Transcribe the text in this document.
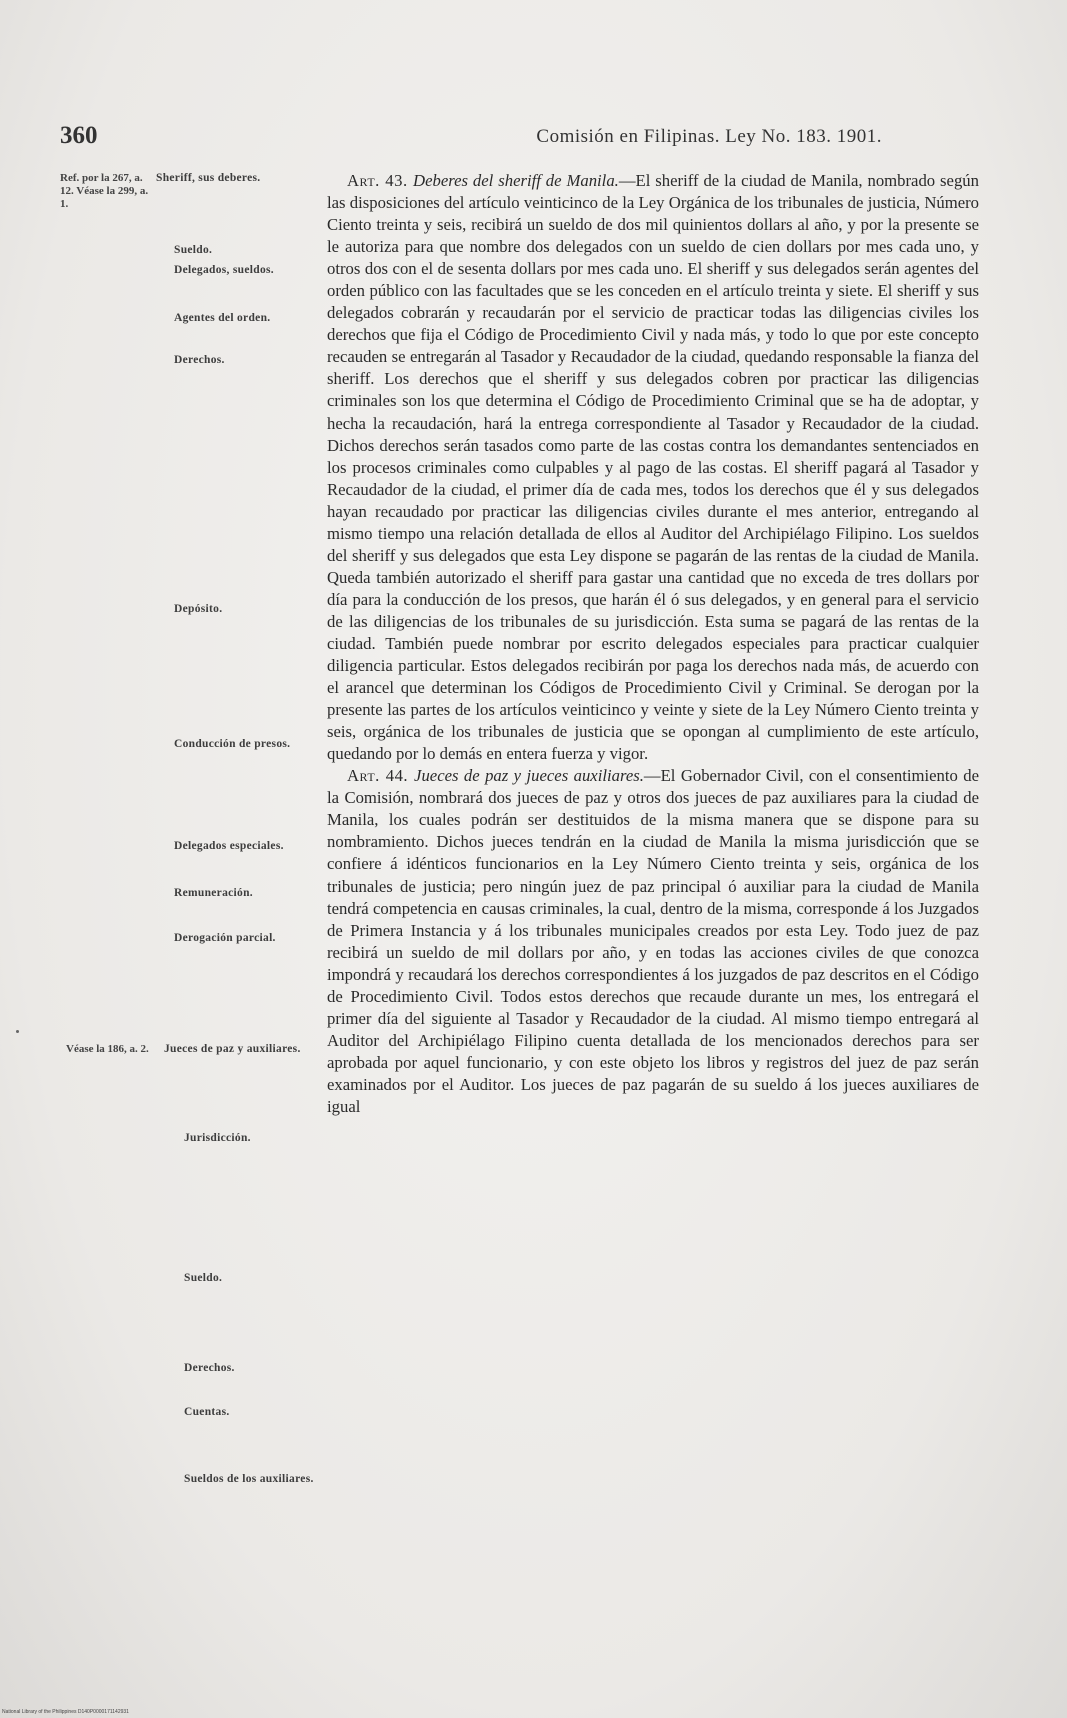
360	Comisión en Filipinas. Ley No. 183. 1901.
Ref. por la 267, a. 12. Véase la 299, a. 1.
Véase la 186, a. 2.
Sheriff, sus deberes.
Sueldo.
Delegados, sueldos.
Agentes del orden.
Derechos.
Depósito.
Conducción de presos.
Delegados especiales.
Remuneración.
Derogación parcial.
Jueces de paz y auxiliares.
Jurisdicción.
Sueldo.
Derechos.
Cuentas.
Sueldos de los auxiliares.

Art. 43. Deberes del sheriff de Manila.—El sheriff de la ciudad de Manila, nombrado según las disposiciones del artículo veinticinco de la Ley Orgánica de los tribunales de justicia, Número Ciento treinta y seis, recibirá un sueldo de dos mil quinientos dollars al año, y por la presente se le autoriza para que nombre dos delegados con un sueldo de cien dollars por mes cada uno, y otros dos con el de sesenta dollars por mes cada uno. El sheriff y sus delegados serán agentes del orden público con las facultades que se les conceden en el artículo treinta y siete. El sheriff y sus delegados cobrarán y recaudarán por el servicio de practicar todas las diligencias civiles los derechos que fija el Código de Procedimiento Civil y nada más, y todo lo que por este concepto recauden se entregarán al Tasador y Recaudador de la ciudad, quedando responsable la fianza del sheriff. Los derechos que el sheriff y sus delegados cobren por practicar las diligencias criminales son los que determina el Código de Procedimiento Criminal que se ha de adoptar, y hecha la recaudación, hará la entrega correspondiente al Tasador y Recaudador de la ciudad. Dichos derechos serán tasados como parte de las costas contra los demandantes sentenciados en los procesos criminales como culpables y al pago de las costas. El sheriff pagará al Tasador y Recaudador de la ciudad, el primer día de cada mes, todos los derechos que él y sus delegados hayan recaudado por practicar las diligencias civiles durante el mes anterior, entregando al mismo tiempo una relación detallada de ellos al Auditor del Archipiélago Filipino. Los sueldos del sheriff y sus delegados que esta Ley dispone se pagarán de las rentas de la ciudad de Manila. Queda también autorizado el sheriff para gastar una cantidad que no exceda de tres dollars por día para la conducción de los presos, que harán él ó sus delegados, y en general para el servicio de las diligencias de los tribunales de su jurisdicción. Esta suma se pagará de las rentas de la ciudad. También puede nombrar por escrito delegados especiales para practicar cualquier diligencia particular. Estos delegados recibirán por paga los derechos nada más, de acuerdo con el arancel que determinan los Códigos de Procedimiento Civil y Criminal. Se derogan por la presente las partes de los artículos veinticinco y veinte y siete de la Ley Número Ciento treinta y seis, orgánica de los tribunales de justicia que se opongan al cumplimiento de este artículo, quedando por lo demás en entera fuerza y vigor.

Art. 44. Jueces de paz y jueces auxiliares.—El Gobernador Civil, con el consentimiento de la Comisión, nombrará dos jueces de paz y otros dos jueces de paz auxiliares para la ciudad de Manila, los cuales podrán ser destituidos de la misma manera que se dispone para su nombramiento. Dichos jueces tendrán en la ciudad de Manila la misma jurisdicción que se confiere á idénticos funcionarios en la Ley Número Ciento treinta y seis, orgánica de los tribunales de justicia; pero ningún juez de paz principal ó auxiliar para la ciudad de Manila tendrá competencia en causas criminales, la cual, dentro de la misma, corresponde á los Juzgados de Primera Instancia y á los tribunales municipales creados por esta Ley. Todo juez de paz recibirá un sueldo de mil dollars por año, y en todas las acciones civiles de que conozca impondrá y recaudará los derechos correspondientes á los juzgados de paz descritos en el Código de Procedimiento Civil. Todos estos derechos que recaude durante un mes, los entregará el primer día del siguiente al Tasador y Recaudador de la ciudad. Al mismo tiempo entregará al Auditor del Archipiélago Filipino cuenta detallada de los mencionados derechos para ser aprobada por aquel funcionario, y con este objeto los libros y registros del juez de paz serán examinados por el Auditor. Los jueces de paz pagarán de su sueldo á los jueces auxiliares de igual

National Library of the Philippines D140P0000171142931
